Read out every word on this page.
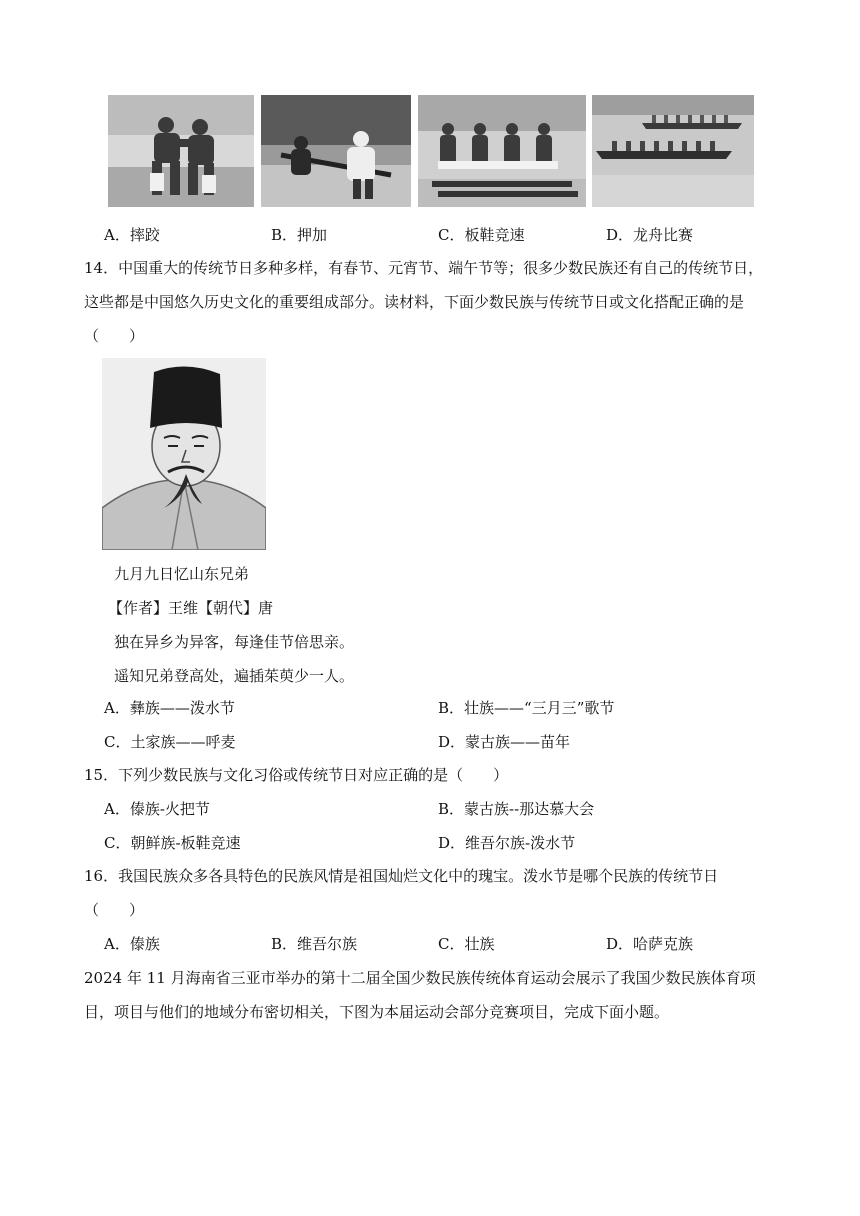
A．摔跤	B．押加	C．板鞋竞速	D．龙舟比赛
14．中国重大的传统节日多种多样，有春节、元宵节、端午节等；很多少数民族还有自己的传统节日，
这些都是中国悠久历史文化的重要组成部分。读材料，下面少数民族与传统节日或文化搭配正确的是
（　　）
九月九日忆山东兄弟
【作者】王维【朝代】唐
独在异乡为异客，每逢佳节倍思亲。
遥知兄弟登高处，遍插茱萸少一人。
A．彝族——泼水节	B．壮族——“三月三”歌节
C．土家族——呼麦	D．蒙古族——苗年
15．下列少数民族与文化习俗或传统节日对应正确的是（　　）
A．傣族-火把节	B．蒙古族--那达慕大会
C．朝鲜族-板鞋竞速	D．维吾尔族-泼水节
16．我国民族众多各具特色的民族风情是祖国灿烂文化中的瑰宝。泼水节是哪个民族的传统节日
（　　）
A．傣族	B．维吾尔族	C．壮族	D．哈萨克族
2024 年 11 月海南省三亚市举办的第十二届全国少数民族传统体育运动会展示了我国少数民族体育项
目，项目与他们的地域分布密切相关，下图为本届运动会部分竞赛项目，完成下面小题。
